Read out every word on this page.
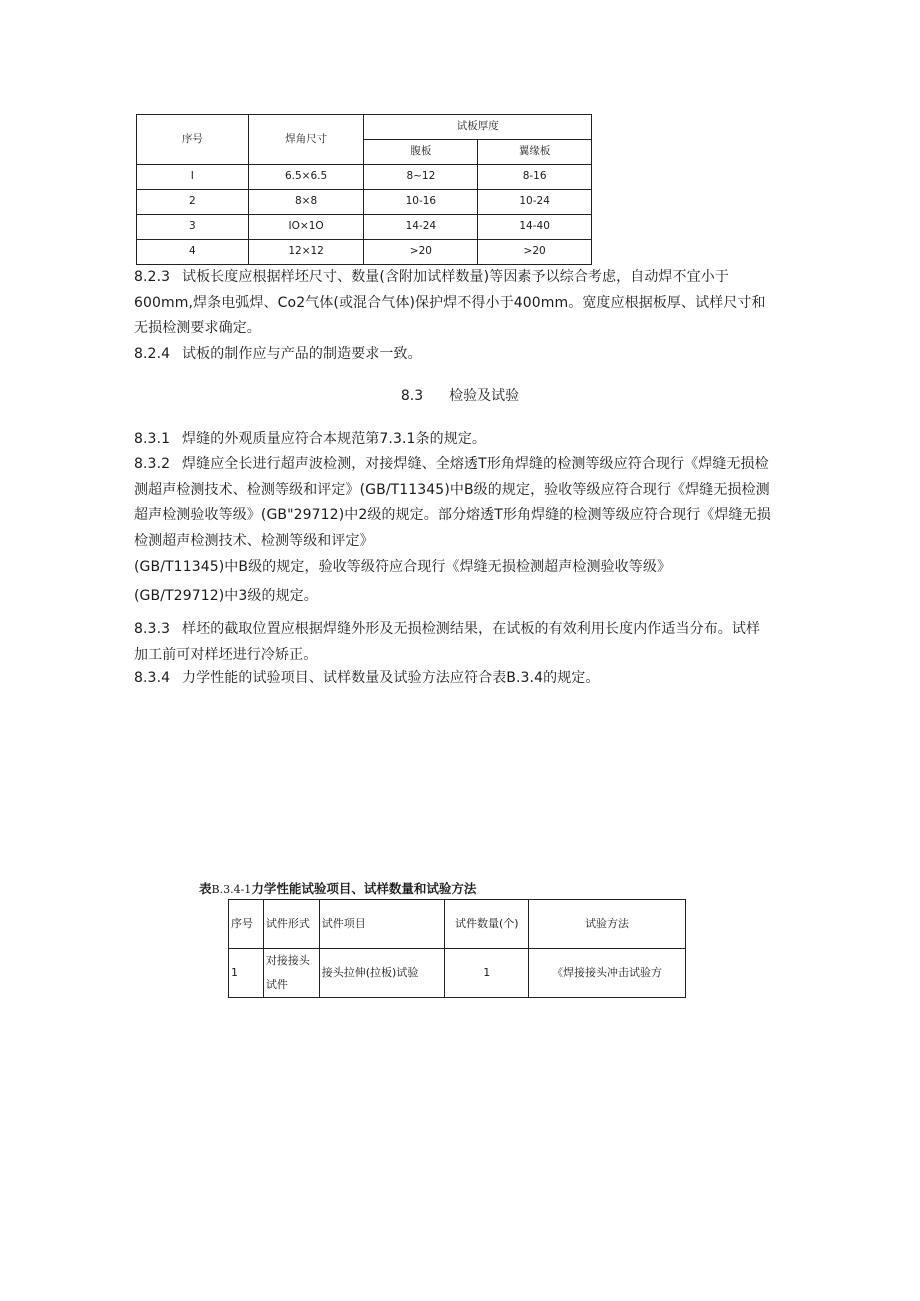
序号	焊角尺寸	试板厚度	
		腹板	翼缘板
I	6.5×6.5	8~12	8-16
2	8×8	10-16	10-24
3	IO×1O	14-24	14-40
4	12×12	>20	>20
8.2.3 试板长度应根据样坯尺寸、数量(含附加试样数量)等因素予以综合考虑，自动焊不宜小于600mm,焊条电弧焊、Co2气体(或混合气体)保护焊不得小于400mm。宽度应根据板厚、试样尺寸和无损检测要求确定。
8.2.4 试板的制作应与产品的制造要求一致。
8.3 检验及试验
8.3.1 焊缝的外观质量应符合本规范第7.3.1条的规定。
8.3.2 焊缝应全长进行超声波检测，对接焊缝、全熔透T形角焊缝的检测等级应符合现行《焊缝无损检测超声检测技术、检测等级和评定》(GB/T11345)中B级的规定，验收等级应符合现行《焊缝无损检测超声检测验收等级》(GB"29712)中2级的规定。部分熔透T形角焊缝的检测等级应符合现行《焊缝无损检测超声检测技术、检测等级和评定》
(GB/T11345)中B级的规定，验收等级符应合现行《焊缝无损检测超声检测验收等级》
(GB/T29712)中3级的规定。
8.3.3 样坯的截取位置应根据焊缝外形及无损检测结果，在试板的有效利用长度内作适当分布。试样加工前可对样坯进行冷矫正。
8.3.4 力学性能的试验项目、试样数量及试验方法应符合表B.3.4的规定。
表B.3.4-1力学性能试验项目、试样数量和试验方法
序号	试件形式	试件项目	试件数量(个)	试验方法
1	对接接头试件	接头拉伸(拉板)试验	1	《焊接接头冲击试验方
